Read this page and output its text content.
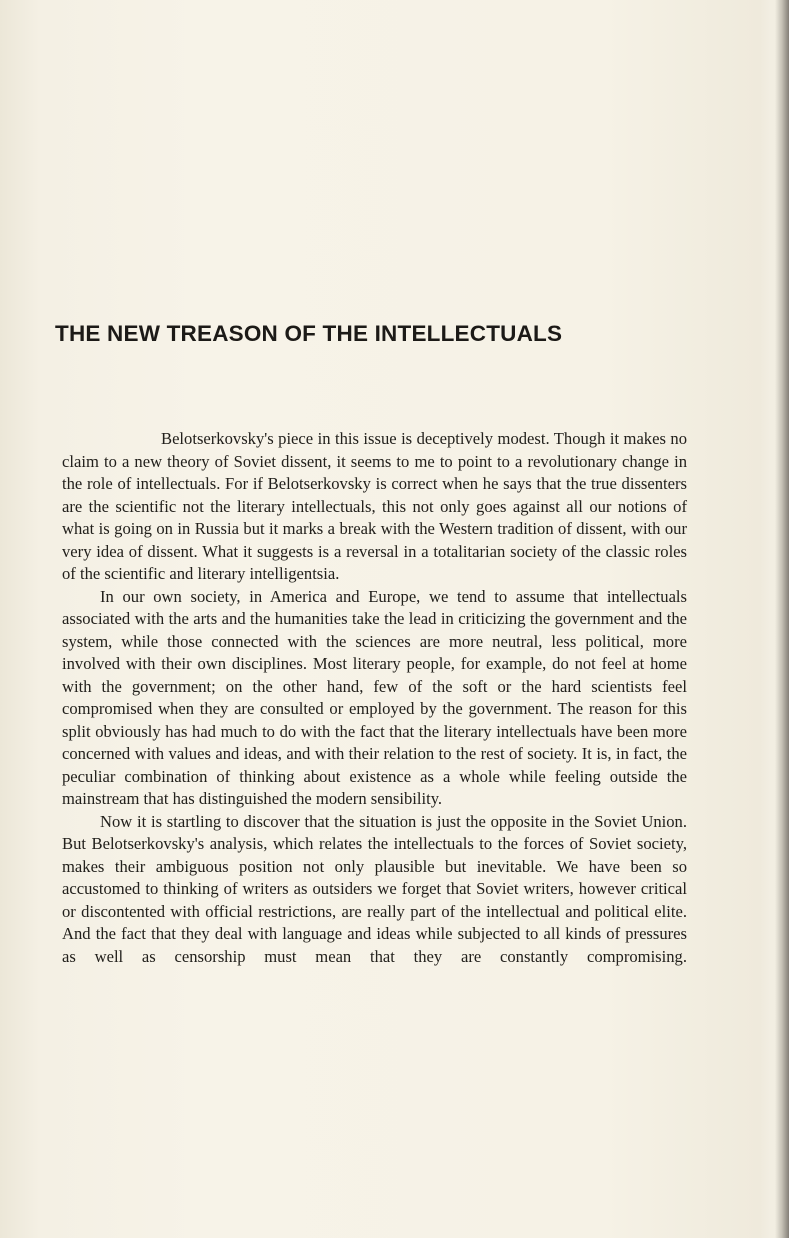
THE NEW TREASON OF THE INTELLECTUALS

Belotserkovsky's piece in this issue is deceptively modest. Though it makes no claim to a new theory of Soviet dissent, it seems to me to point to a revolutionary change in the role of intellectuals. For if Belotserkovsky is correct when he says that the true dissenters are the scientific not the literary intellectuals, this not only goes against all our notions of what is going on in Russia but it marks a break with the Western tradition of dissent, with our very idea of dissent. What it suggests is a reversal in a totalitarian society of the classic roles of the scientific and literary intelligentsia.

In our own society, in America and Europe, we tend to assume that intellectuals associated with the arts and the humanities take the lead in criticizing the government and the system, while those connected with the sciences are more neutral, less political, more involved with their own disciplines. Most literary people, for example, do not feel at home with the government; on the other hand, few of the soft or the hard scientists feel compromised when they are consulted or employed by the government. The reason for this split obviously has had much to do with the fact that the literary intellectuals have been more concerned with values and ideas, and with their relation to the rest of society. It is, in fact, the peculiar combination of thinking about existence as a whole while feeling outside the mainstream that has distinguished the modern sensibility.

Now it is startling to discover that the situation is just the opposite in the Soviet Union. But Belotserkovsky's analysis, which relates the intellectuals to the forces of Soviet society, makes their ambiguous position not only plausible but inevitable. We have been so accustomed to thinking of writers as outsiders we forget that Soviet writers, however critical or discontented with official restrictions, are really part of the intellectual and political elite. And the fact that they deal with language and ideas while subjected to all kinds of pressures as well as censorship must mean that they are constantly compromising.
